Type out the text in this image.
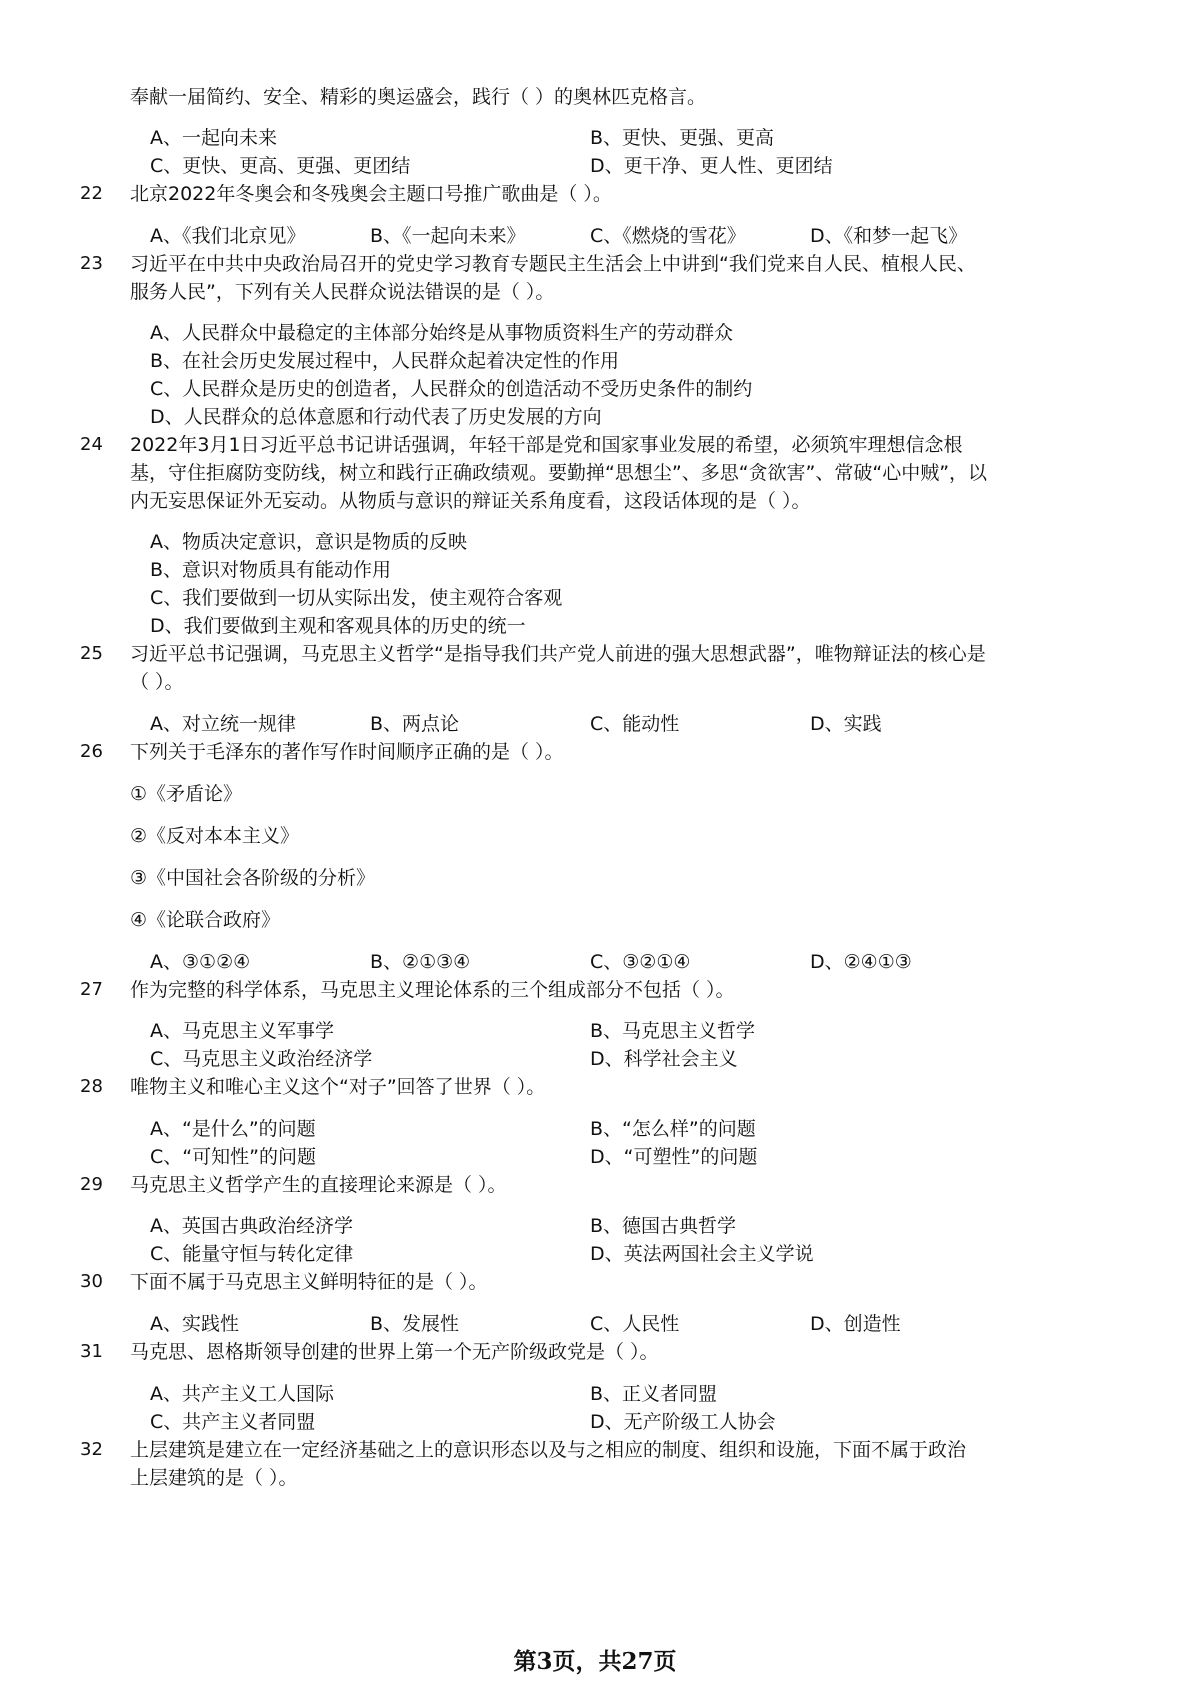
奉献一届简约、安全、精彩的奥运盛会，践行（ ）的奥林匹克格言。
A、一起向未来	B、更快、更强、更高
C、更快、更高、更强、更团结	D、更干净、更人性、更团结
22	北京2022年冬奥会和冬残奥会主题口号推广歌曲是（ ）。
A、《我们北京见》	B、《一起向未来》	C、《燃烧的雪花》	D、《和梦一起飞》
23	习近平在中共中央政治局召开的党史学习教育专题民主生活会上中讲到“我们党来自人民、植根人民、
服务人民”，下列有关人民群众说法错误的是（ ）。
A、人民群众中最稳定的主体部分始终是从事物质资料生产的劳动群众
B、在社会历史发展过程中，人民群众起着决定性的作用
C、人民群众是历史的创造者，人民群众的创造活动不受历史条件的制约
D、人民群众的总体意愿和行动代表了历史发展的方向
24	2022年3月1日习近平总书记讲话强调，年轻干部是党和国家事业发展的希望，必须筑牢理想信念根
基，守住拒腐防变防线，树立和践行正确政绩观。要勤掸“思想尘”、多思“贪欲害”、常破“心中贼”，以
内无妄思保证外无妄动。从物质与意识的辩证关系角度看，这段话体现的是（ ）。
A、物质决定意识，意识是物质的反映
B、意识对物质具有能动作用
C、我们要做到一切从实际出发，使主观符合客观
D、我们要做到主观和客观具体的历史的统一
25	习近平总书记强调，马克思主义哲学“是指导我们共产党人前进的强大思想武器”，唯物辩证法的核心是
（ ）。
A、对立统一规律	B、两点论	C、能动性	D、实践
26	下列关于毛泽东的著作写作时间顺序正确的是（ ）。
①《矛盾论》
②《反对本本主义》
③《中国社会各阶级的分析》
④《论联合政府》
A、③①②④	B、②①③④	C、③②①④	D、②④①③
27	作为完整的科学体系，马克思主义理论体系的三个组成部分不包括（ ）。
A、马克思主义军事学	B、马克思主义哲学
C、马克思主义政治经济学	D、科学社会主义
28	唯物主义和唯心主义这个“对子”回答了世界（ ）。
A、“是什么”的问题	B、“怎么样”的问题
C、“可知性”的问题	D、“可塑性”的问题
29	马克思主义哲学产生的直接理论来源是（ ）。
A、英国古典政治经济学	B、德国古典哲学
C、能量守恒与转化定律	D、英法两国社会主义学说
30	下面不属于马克思主义鲜明特征的是（ ）。
A、实践性	B、发展性	C、人民性	D、创造性
31	马克思、恩格斯领导创建的世界上第一个无产阶级政党是（ ）。
A、共产主义工人国际	B、正义者同盟
C、共产主义者同盟	D、无产阶级工人协会
32	上层建筑是建立在一定经济基础之上的意识形态以及与之相应的制度、组织和设施，下面不属于政治
上层建筑的是（ ）。
第3页，共27页
